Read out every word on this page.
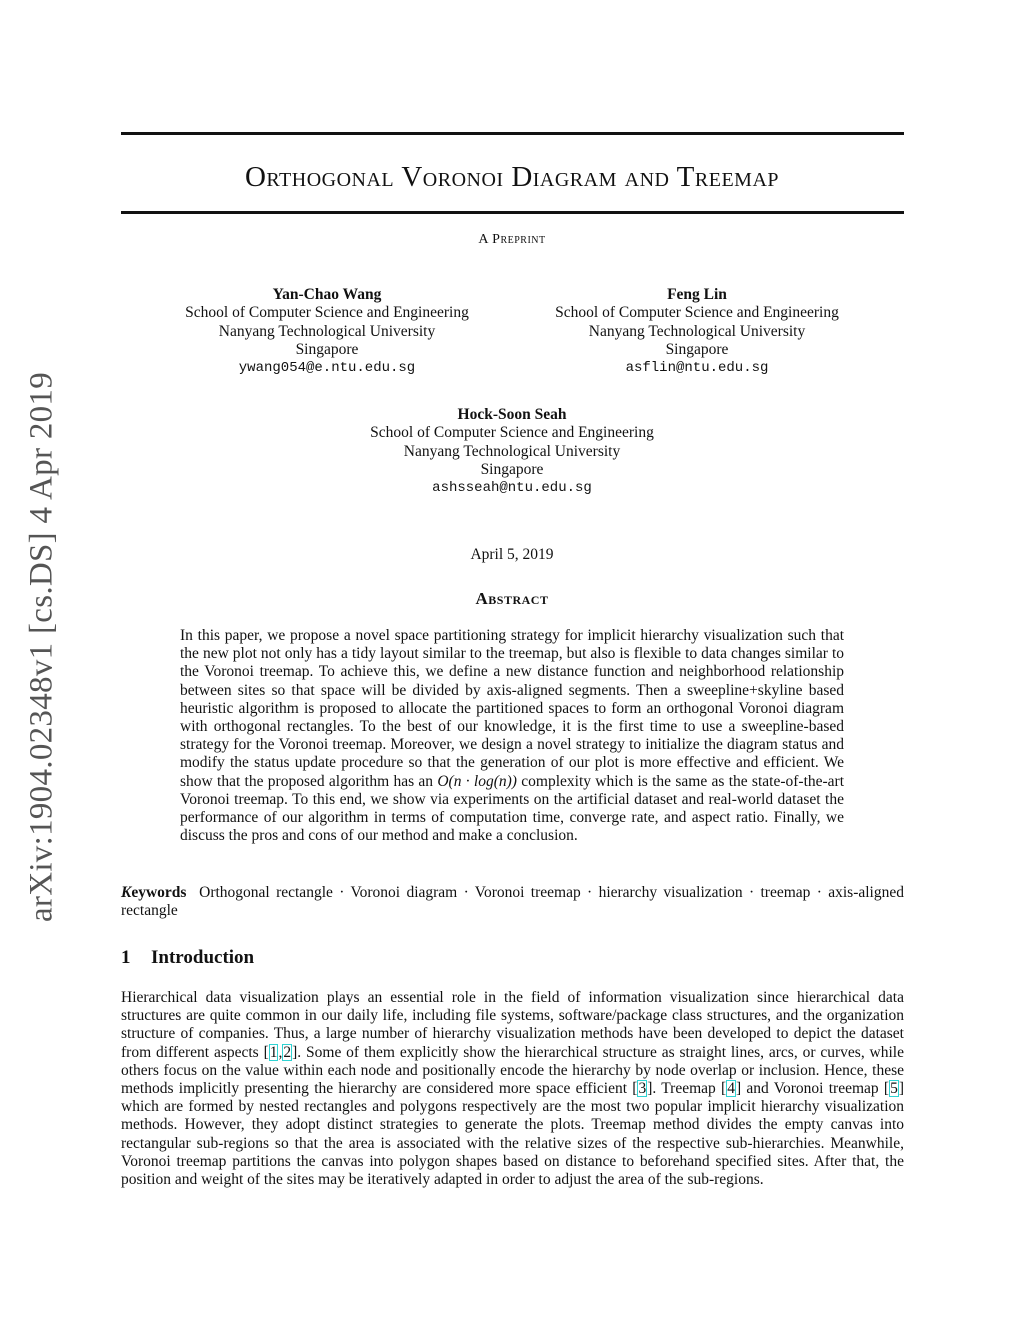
arXiv:1904.02348v1 [cs.DS] 4 Apr 2019
Orthogonal Voronoi Diagram and Treemap
A Preprint
Yan-Chao Wang
School of Computer Science and Engineering
Nanyang Technological University
Singapore
ywang054@e.ntu.edu.sg
Feng Lin
School of Computer Science and Engineering
Nanyang Technological University
Singapore
asflin@ntu.edu.sg
Hock-Soon Seah
School of Computer Science and Engineering
Nanyang Technological University
Singapore
ashsseah@ntu.edu.sg
April 5, 2019
Abstract

In this paper, we propose a novel space partitioning strategy for implicit hierarchy visualization such that the new plot not only has a tidy layout similar to the treemap, but also is flexible to data changes similar to the Voronoi treemap. To achieve this, we define a new distance function and neighborhood relationship between sites so that space will be divided by axis-aligned segments. Then a sweepline+skyline based heuristic algorithm is proposed to allocate the partitioned spaces to form an orthogonal Voronoi diagram with orthogonal rectangles. To the best of our knowledge, it is the first time to use a sweepline-based strategy for the Voronoi treemap. Moreover, we design a novel strategy to initialize the diagram status and modify the status update procedure so that the generation of our plot is more effective and efficient. We show that the proposed algorithm has an O(n · log(n)) complexity which is the same as the state-of-the-art Voronoi treemap. To this end, we show via experiments on the artificial dataset and real-world dataset the performance of our algorithm in terms of computation time, converge rate, and aspect ratio. Finally, we discuss the pros and cons of our method and make a conclusion.

Keywords Orthogonal rectangle · Voronoi diagram · Voronoi treemap · hierarchy visualization · treemap · axis-aligned rectangle

1 Introduction

Hierarchical data visualization plays an essential role in the field of information visualization since hierarchical data structures are quite common in our daily life, including file systems, software/package class structures, and the organization structure of companies. Thus, a large number of hierarchy visualization methods have been developed to depict the dataset from different aspects [1,2]. Some of them explicitly show the hierarchical structure as straight lines, arcs, or curves, while others focus on the value within each node and positionally encode the hierarchy by node overlap or inclusion. Hence, these methods implicitly presenting the hierarchy are considered more space efficient [3]. Treemap [4] and Voronoi treemap [5] which are formed by nested rectangles and polygons respectively are the most two popular implicit hierarchy visualization methods. However, they adopt distinct strategies to generate the plots. Treemap method divides the empty canvas into rectangular sub-regions so that the area is associated with the relative sizes of the respective sub-hierarchies. Meanwhile, Voronoi treemap partitions the canvas into polygon shapes based on distance to beforehand specified sites. After that, the position and weight of the sites may be iteratively adapted in order to adjust the area of the sub-regions.
